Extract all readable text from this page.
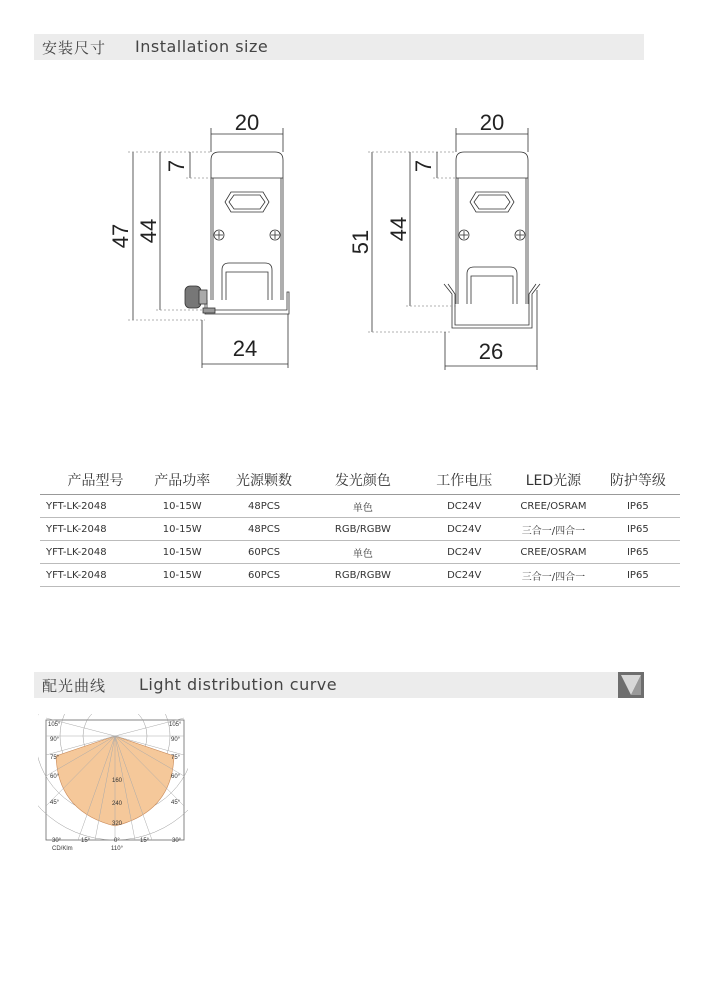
安装尺寸 Installation size
20
47 44
7
24
20
51
44
7
26
产品型号	产品功率	光源颗数	发光颜色	工作电压	LED光源	防护等级
YFT-LK-2048	10-15W	48PCS	单色	DC24V	CREE/OSRAM	IP65
YFT-LK-2048	10-15W	48PCS	RGB/RGBW	DC24V	三合一/四合一	IP65
YFT-LK-2048	10-15W	60PCS	单色	DC24V	CREE/OSRAM	IP65
YFT-LK-2048	10-15W	60PCS	RGB/RGBW	DC24V	三合一/四合一	IP65
配光曲线 Light distribution curve
105°
90°
75°
60°
45°
105°
90°
75°
60°
45°
160
240
320
30°	15°	0°	15°	30°
CD/Klm	110°
